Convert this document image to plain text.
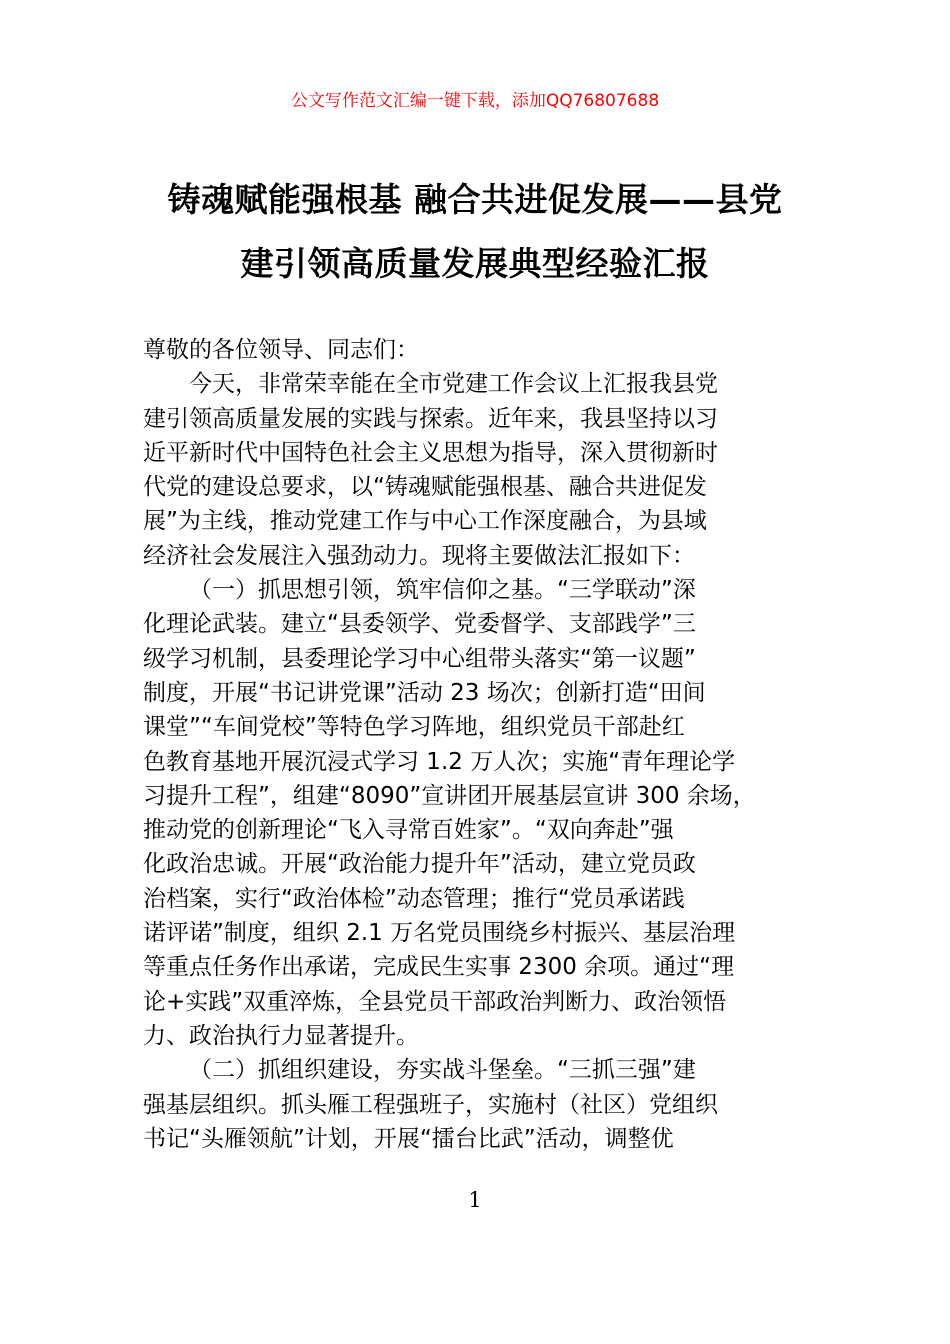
公文写作范文汇编一键下载，添加QQ76807688
铸魂赋能强根基 融合共进促发展——县党
建引领高质量发展典型经验汇报
尊敬的各位领导、同志们：
今天，非常荣幸能在全市党建工作会议上汇报我县党
建引领高质量发展的实践与探索。近年来，我县坚持以习
近平新时代中国特色社会主义思想为指导，深入贯彻新时
代党的建设总要求，以“铸魂赋能强根基、融合共进促发
展”为主线，推动党建工作与中心工作深度融合，为县域
经济社会发展注入强劲动力。现将主要做法汇报如下：
（一）抓思想引领，筑牢信仰之基。“三学联动”深
化理论武装。建立“县委领学、党委督学、支部践学”三
级学习机制，县委理论学习中心组带头落实“第一议题”
制度，开展“书记讲党课”活动 23 场次；创新打造“田间
课堂”“车间党校”等特色学习阵地，组织党员干部赴红
色教育基地开展沉浸式学习 1.2 万人次；实施“青年理论学
习提升工程”，组建“8090”宣讲团开展基层宣讲 300 余场，
推动党的创新理论“飞入寻常百姓家”。“双向奔赴”强
化政治忠诚。开展“政治能力提升年”活动，建立党员政
治档案，实行“政治体检”动态管理；推行“党员承诺践
诺评诺”制度，组织 2.1 万名党员围绕乡村振兴、基层治理
等重点任务作出承诺，完成民生实事 2300 余项。通过“理
论+实践”双重淬炼，全县党员干部政治判断力、政治领悟
力、政治执行力显著提升。
（二）抓组织建设，夯实战斗堡垒。“三抓三强”建
强基层组织。抓头雁工程强班子，实施村（社区）党组织
书记“头雁领航”计划，开展“擂台比武”活动，调整优
1
